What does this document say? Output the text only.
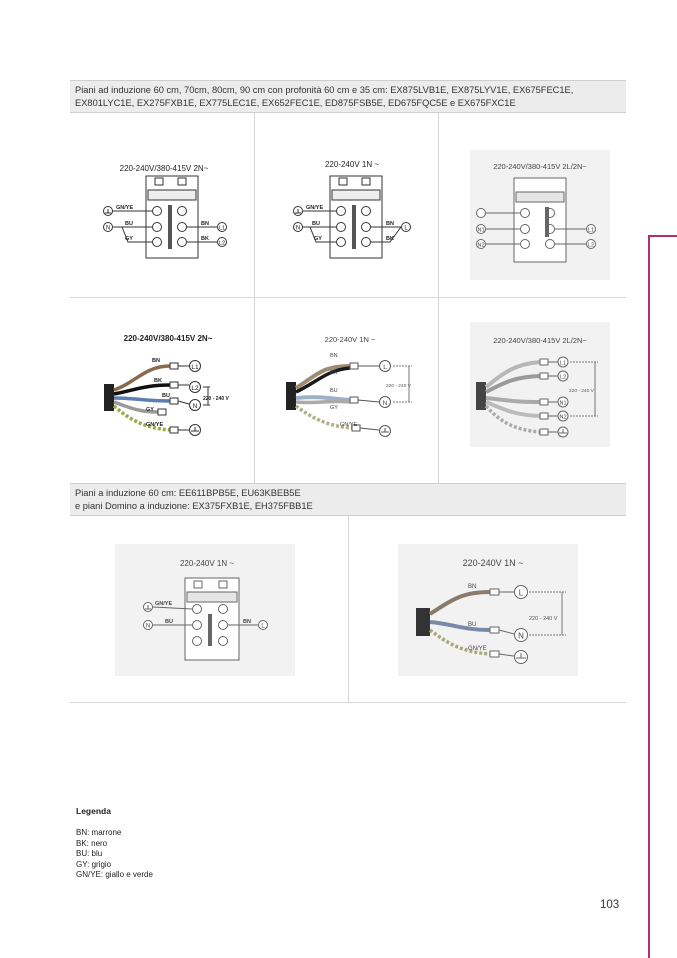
Piani ad induzione 60 cm, 70cm, 80cm, 90 cm con profonità 60 cm e 35 cm: EX875LVB1E, EX875LYV1E, EX675FEC1E,
EX801LYC1E, EX275FXB1E, EX775LEC1E, EX652FEC1E, ED875FSB5E, ED675FQC5E e EX675FXC1E
Piani a induzione 60 cm: EE611BPB5E, EU63KBEB5E
e piani Domino a induzione: EX375FXB1E, EH375FBB1E
220-240V/380-415V 2N~
GN/YE
N
BU
GY
BN
L1
BK
L2
220-240V 1N ~
GN/YE
N
BU
GY
BN
BK
L
220-240V/380-415V 2L/2N~
N1
N2
L1
L2
220-240V/380-415V 2N~
BN
BK
BU
GY
GN/YE
L1
L2
N
220 - 240 V
220-240V 1N ~
BN
BK
BU
GY
GN/YE
L
N
220 - 240 V
220-240V/380-415V 2L/2N~
L1
L2
N1
N2
220 - 240 V
220-240V 1N ~
GN/YE
N
BU	BN
L
220-240V 1N ~
BN
BU
GN/YE
L
N
220 - 240 V
Legenda
BN: marrone
BK: nero
BU: blu
GY: grigio
GN/YE: giallo e verde
103
